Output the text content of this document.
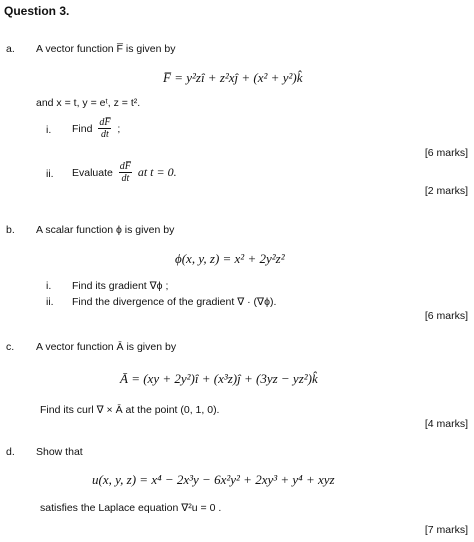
Question 3.
a. A vector function F̅ is given by
F̅ = y²zî + z²xĵ + (x² + y²)k̂
and x = t, y = eᵗ, z = t².
i. Find $\frac{dF̅}{dt}$ ;
[6 marks]
ii. Evaluate $\frac{dF̅}{dt}$ at t = 0.
[2 marks]
b. A scalar function ϕ is given by
ϕ(x, y, z) = x² + 2y²z²
i. Find its gradient ∇ϕ ;
ii. Find the divergence of the gradient ∇ · (∇ϕ).
[6 marks]
c. A vector function Ā is given by
Ā = (xy + 2y²)î + (x³z)ĵ + (3yz − yz²)k̂
Find its curl ∇ × Ā at the point (0, 1, 0).
[4 marks]
d. Show that
u(x, y, z) = x⁴ − 2x³y − 6x²y² + 2xy³ + y⁴ + xyz
satisfies the Laplace equation ∇²u = 0 .
[7 marks]
